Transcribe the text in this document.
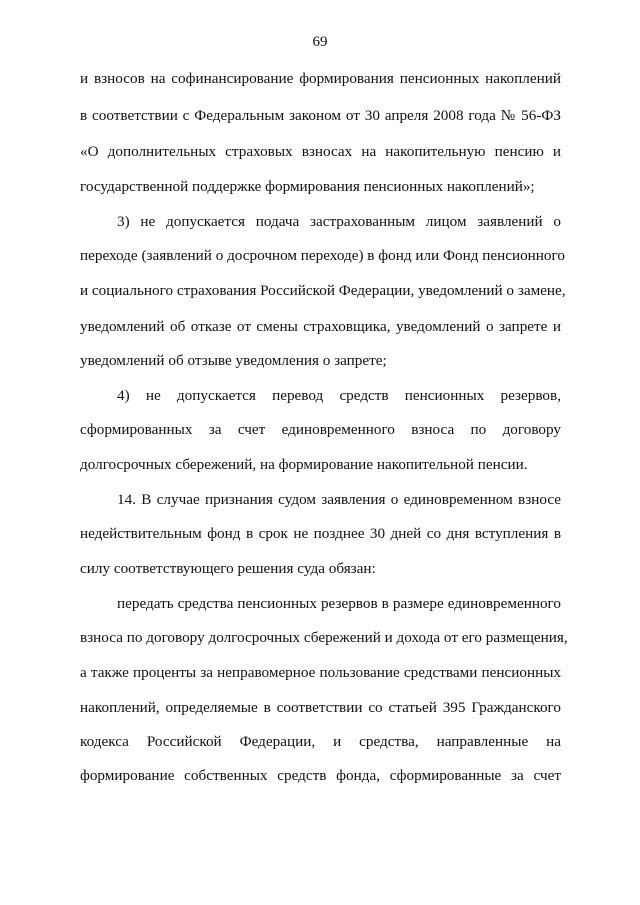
69
и взносов на софинансирование формирования пенсионных накоплений
в соответствии с Федеральным законом от 30 апреля 2008 года № 56-ФЗ
«О дополнительных страховых взносах на накопительную пенсию и
государственной поддержке формирования пенсионных накоплений»;
3) не допускается подача застрахованным лицом заявлений о
переходе (заявлений о досрочном переходе) в фонд или Фонд пенсионного
и социального страхования Российской Федерации, уведомлений о замене,
уведомлений об отказе от смены страховщика, уведомлений о запрете и
уведомлений об отзыве уведомления о запрете;
4) не допускается перевод средств пенсионных резервов,
сформированных за счет единовременного взноса по договору
долгосрочных сбережений, на формирование накопительной пенсии.
14. В случае признания судом заявления о единовременном взносе
недействительным фонд в срок не позднее 30 дней со дня вступления в
силу соответствующего решения суда обязан:
передать средства пенсионных резервов в размере единовременного
взноса по договору долгосрочных сбережений и дохода от его размещения,
а также проценты за неправомерное пользование средствами пенсионных
накоплений, определяемые в соответствии со статьей 395 Гражданского
кодекса Российской Федерации, и средства, направленные на
формирование собственных средств фонда, сформированные за счет
